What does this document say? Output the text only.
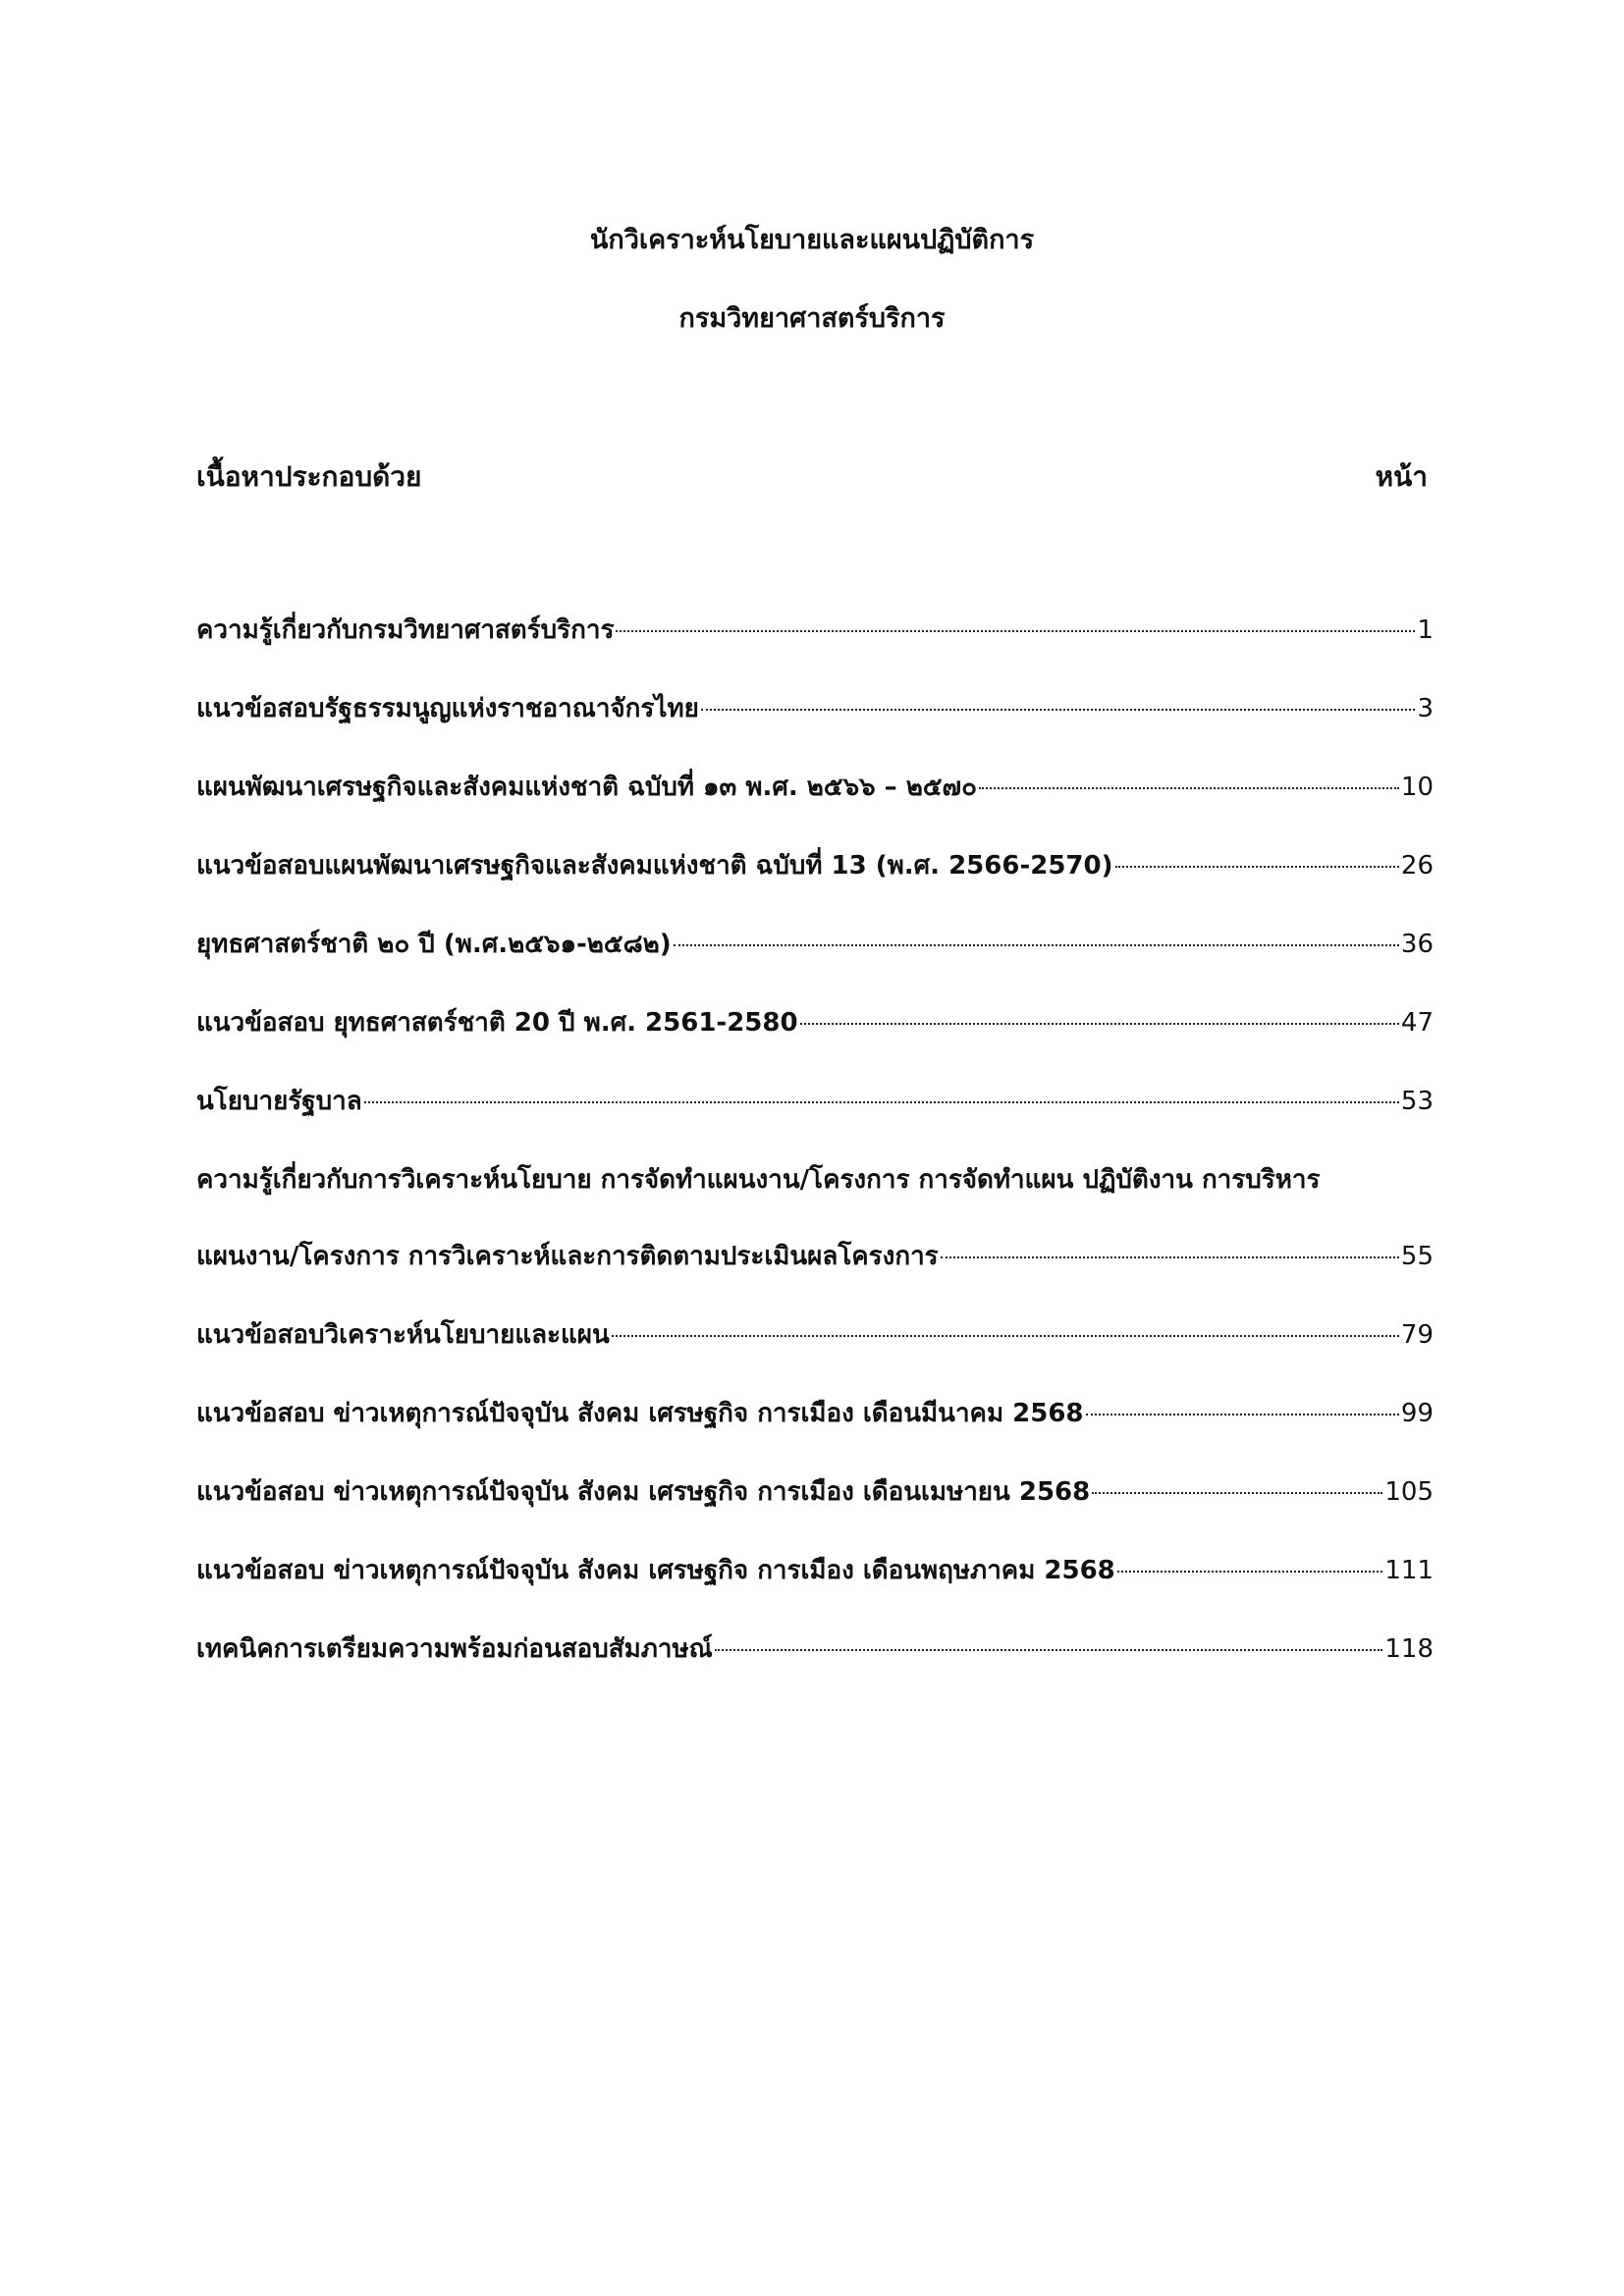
นักวิเคราะห์นโยบายและแผนปฏิบัติการ
กรมวิทยาศาสตร์บริการ
เนื้อหาประกอบด้วย	หน้า
ความรู้เกี่ยวกับกรมวิทยาศาสตร์บริการ	1
แนวข้อสอบรัฐธรรมนูญแห่งราชอาณาจักรไทย	3
แผนพัฒนาเศรษฐกิจและสังคมแห่งชาติ ฉบับที่ ๑๓ พ.ศ. ๒๕๖๖ – ๒๕๗๐	10
แนวข้อสอบแผนพัฒนาเศรษฐกิจและสังคมแห่งชาติ ฉบับที่ 13 (พ.ศ. 2566-2570)	26
ยุทธศาสตร์ชาติ ๒๐ ปี (พ.ศ.๒๕๖๑-๒๕๘๒)	36
แนวข้อสอบ ยุทธศาสตร์ชาติ 20 ปี พ.ศ. 2561-2580	47
นโยบายรัฐบาล	53
ความรู้เกี่ยวกับการวิเคราะห์นโยบาย การจัดทำแผนงาน/โครงการ การจัดทำแผน ปฏิบัติงาน การบริหาร
แผนงาน/โครงการ การวิเคราะห์และการติดตามประเมินผลโครงการ	55
แนวข้อสอบวิเคราะห์นโยบายและแผน	79
แนวข้อสอบ ข่าวเหตุการณ์ปัจจุบัน สังคม เศรษฐกิจ การเมือง เดือนมีนาคม 2568	99
แนวข้อสอบ ข่าวเหตุการณ์ปัจจุบัน สังคม เศรษฐกิจ การเมือง เดือนเมษายน 2568	105
แนวข้อสอบ ข่าวเหตุการณ์ปัจจุบัน สังคม เศรษฐกิจ การเมือง เดือนพฤษภาคม 2568	111
เทคนิคการเตรียมความพร้อมก่อนสอบสัมภาษณ์	118
